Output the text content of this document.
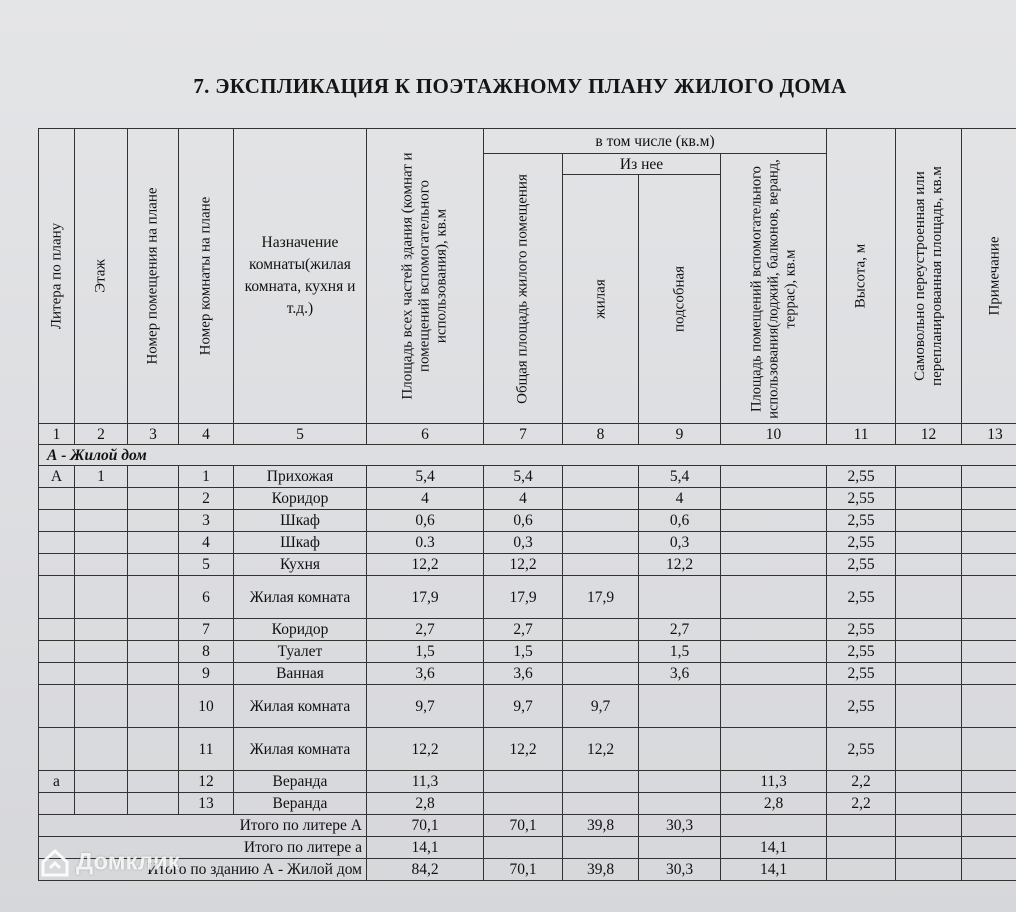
7. ЭКСПЛИКАЦИЯ К ПОЭТАЖНОМУ ПЛАНУ ЖИЛОГО ДОМА
Литера по плану	Этаж	Номер помещения на плане	Номер комнаты на плане	Назначение комнаты(жилая комната, кухня и т.д.)	Площадь всех частей здания (комнат и помещений вспомогательного использования), кв.м	в том числе (кв.м)				Высота, м	Самовольно переустроенная или перепланированная площадь, кв.м	Примечание

						Общая площадь жилого помещения	Из нее		Площадь помещений вспомогательного использования(лоджий, балконов, веранд, террас), кв.м			

							жилая	подсобная				

1	2	3	4	5	6	7	8	9	10	11	12	13
А - Жилой дом												
А	1		1	Прихожая	5,4	5,4		5,4		2,55		
			2	Коридор	4	4		4		2,55		
			3	Шкаф	0,6	0,6		0,6		2,55		
			4	Шкаф	0.3	0,3		0,3		2,55		
			5	Кухня	12,2	12,2		12,2		2,55		
			6	Жилая комната	17,9	17,9	17,9			2,55		
			7	Коридор	2,7	2,7		2,7		2,55		
			8	Туалет	1,5	1,5		1,5		2,55		
			9	Ванная	3,6	3,6		3,6		2,55		
			10	Жилая комната	9,7	9,7	9,7			2,55		
			11	Жилая комната	12,2	12,2	12,2			2,55		
а			12	Веранда	11,3				11,3	2,2		
			13	Веранда	2,8				2,8	2,2		
Итого по литере А					70,1	70,1	39,8	30,3				
Итого по литере а					14,1				14,1			
Итого по зданию А - Жилой дом					84,2	70,1	39,8	30,3	14,1			
Домклик
